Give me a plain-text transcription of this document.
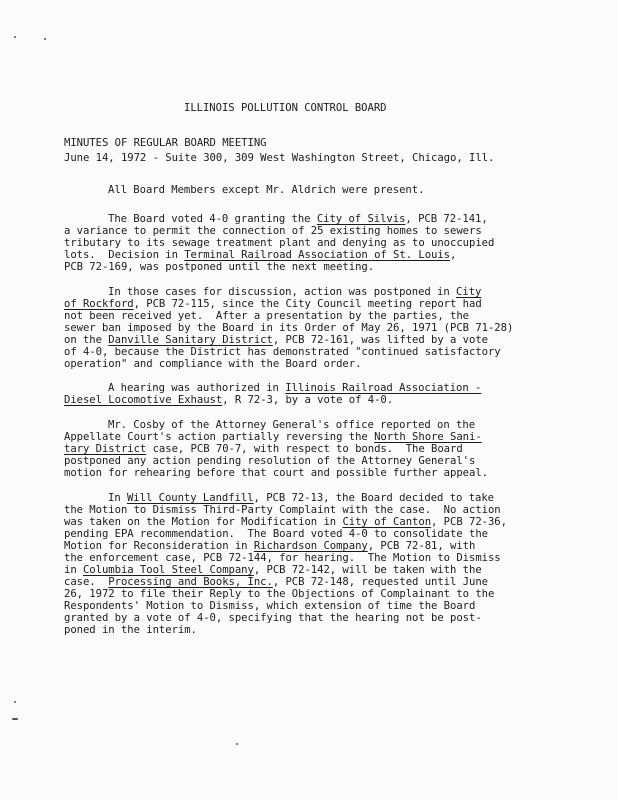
ILLINOIS POLLUTION CONTROL BOARD
MINUTES OF REGULAR BOARD MEETING
June 14, 1972 - Suite 300, 309 West Washington Street, Chicago, Ill.
All Board Members except Mr. Aldrich were present.
The Board voted 4-0 granting the City of Silvis, PCB 72-141,
a variance to permit the connection of 25 existing homes to sewers
tributary to its sewage treatment plant and denying as to unoccupied
lots.  Decision in Terminal Railroad Association of St. Louis,
PCB 72-169, was postponed until the next meeting.
In those cases for discussion, action was postponed in City
of Rockford, PCB 72-115, since the City Council meeting report had
not been received yet.  After a presentation by the parties, the
sewer ban imposed by the Board in its Order of May 26, 1971 (PCB 71-28)
on the Danville Sanitary District, PCB 72-161, was lifted by a vote
of 4-0, because the District has demonstrated "continued satisfactory
operation" and compliance with the Board order.
A hearing was authorized in Illinois Railroad Association -
Diesel Locomotive Exhaust, R 72-3, by a vote of 4-0.
Mr. Cosby of the Attorney General's office reported on the
Appellate Court's action partially reversing the North Shore Sani-
tary District case, PCB 70-7, with respect to bonds.  The Board
postponed any action pending resolution of the Attorney General's
motion for rehearing before that court and possible further appeal.
In Will County Landfill, PCB 72-13, the Board decided to take
the Motion to Dismiss Third-Party Complaint with the case.  No action
was taken on the Motion for Modification in City of Canton, PCB 72-36,
pending EPA recommendation.  The Board voted 4-0 to consolidate the
Motion for Reconsideration in Richardson Company, PCB 72-81, with
the enforcement case, PCB 72-144, for hearing.  The Motion to Dismiss
in Columbia Tool Steel Company, PCB 72-142, will be taken with the
case.  Processing and Books, Inc., PCB 72-148, requested until June
26, 1972 to file their Reply to the Objections of Complainant to the
Respondents' Motion to Dismiss, which extension of time the Board
granted by a vote of 4-0, specifying that the hearing not be post-
poned in the interim.
